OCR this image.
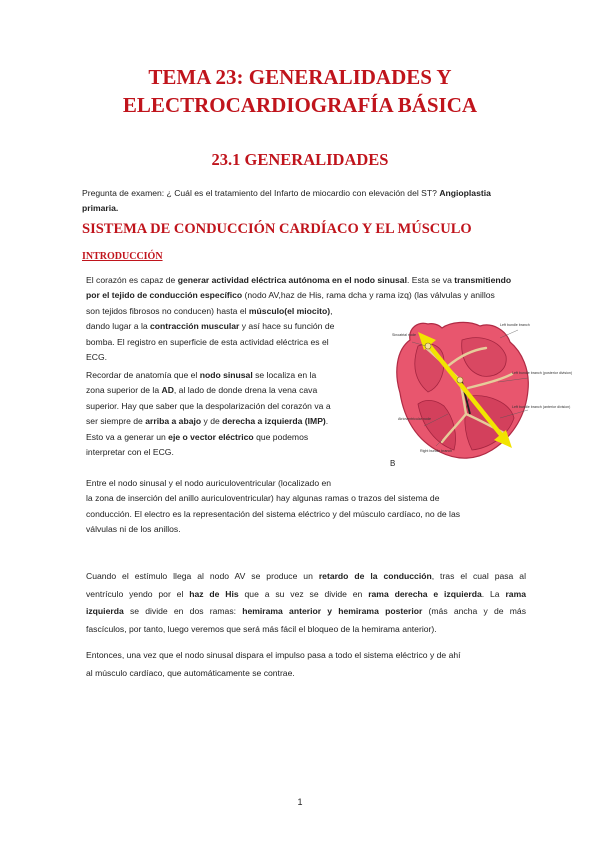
TEMA 23: GENERALIDADES Y
ELECTROCARDIOGRAFÍA BÁSICA
23.1 GENERALIDADES
Pregunta de examen: ¿ Cuál es el tratamiento del Infarto de miocardio con elevación del ST? Angioplastia
primaria.
SISTEMA DE CONDUCCIÓN CARDÍACO Y EL MÚSCULO
INTRODUCCIÓN
El corazón es capaz de generar actividad eléctrica autónoma en el nodo sinusal. Esta se va transmitiendo
por el tejido de conducción específico (nodo AV,haz de His, rama dcha y rama izq) (las válvulas y anillos
son tejidos fibrosos no conducen) hasta el músculo(el miocito),
dando lugar a la contracción muscular y así hace su función de
bomba. El registro en superficie de esta actividad eléctrica es el
ECG.
Recordar de anatomía que el nodo sinusal se localiza en la
zona superior de la AD, al lado de donde drena la vena cava
superior. Hay que saber que la despolarización del corazón va a
ser siempre de arriba a abajo y de derecha a izquierda (IMP).
Esto va a generar un eje o vector eléctrico que podemos
interpretar con el ECG.
Sinoatrial node
Atrioventricular node
Right bundle branch
Left bundle branch
Left bundle branch (posterior division)
Left bundle branch (anterior division)
B
Entre el nodo sinusal y el nodo auriculoventricular (localizado en
la zona de inserción del anillo auriculoventricular) hay algunas ramas o trazos del sistema de
conducción. El electro es la representación del sistema eléctrico y del músculo cardíaco, no de las
válvulas ni de los anillos.
Cuando el estímulo llega al nodo AV se produce un retardo de la conducción, tras el cual pasa al
ventrículo yendo por el haz de His que a su vez se divide en rama derecha e izquierda. La rama
izquierda se divide en dos ramas: hemirama anterior y hemirama posterior (más ancha y de más
fascículos, por tanto, luego veremos que será más fácil el bloqueo de la hemirama anterior).
Entonces, una vez que el nodo sinusal dispara el impulso pasa a todo el sistema eléctrico y de ahí
al músculo cardíaco, que automáticamente se contrae.
1
